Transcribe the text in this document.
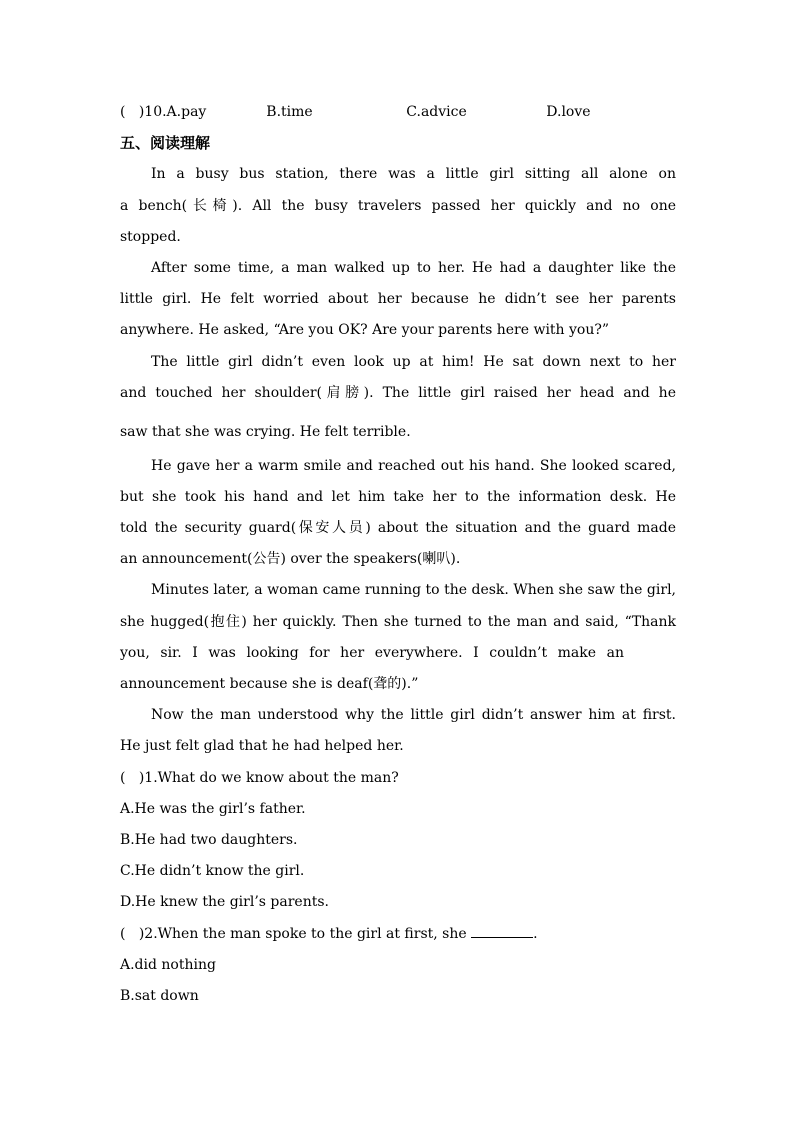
(   ) 10.A.pay	B.time	C.advice	D.love
五、阅读理解
In a busy bus station, there was a little girl sitting all alone on
a bench(长椅). All the busy travelers passed her quickly and no one
stopped.
After some time, a man walked up to her. He had a daughter like the
little girl. He felt worried about her because he didn’t see her parents
anywhere. He asked, “Are you OK? Are your parents here with you?”
The little girl didn’t even look up at him! He sat down next to her
and touched her shoulder(肩膀). The little girl raised her head and he
saw that she was crying. He felt terrible.
He gave her a warm smile and reached out his hand. She looked scared,
but she took his hand and let him take her to the information desk. He
told the security guard(保安人员) about the situation and the guard made
an announcement(公告) over the speakers(喇叭).
Minutes later, a woman came running to the desk. When she saw the girl,
she hugged(抱住) her quickly. Then she turned to the man and said, “Thank
you, sir. I was looking for her everywhere. I couldn’t make an
announcement because she is deaf(聋的).”
Now the man understood why the little girl didn’t answer him at first.
He just felt glad that he had helped her.
(   )1.What do we know about the man?
A.He was the girl’s father.
B.He had two daughters.
C.He didn’t know the girl.
D.He knew the girl’s parents.
(   )2.When the man spoke to the girl at first, she	.
A.did nothing
B.sat down
